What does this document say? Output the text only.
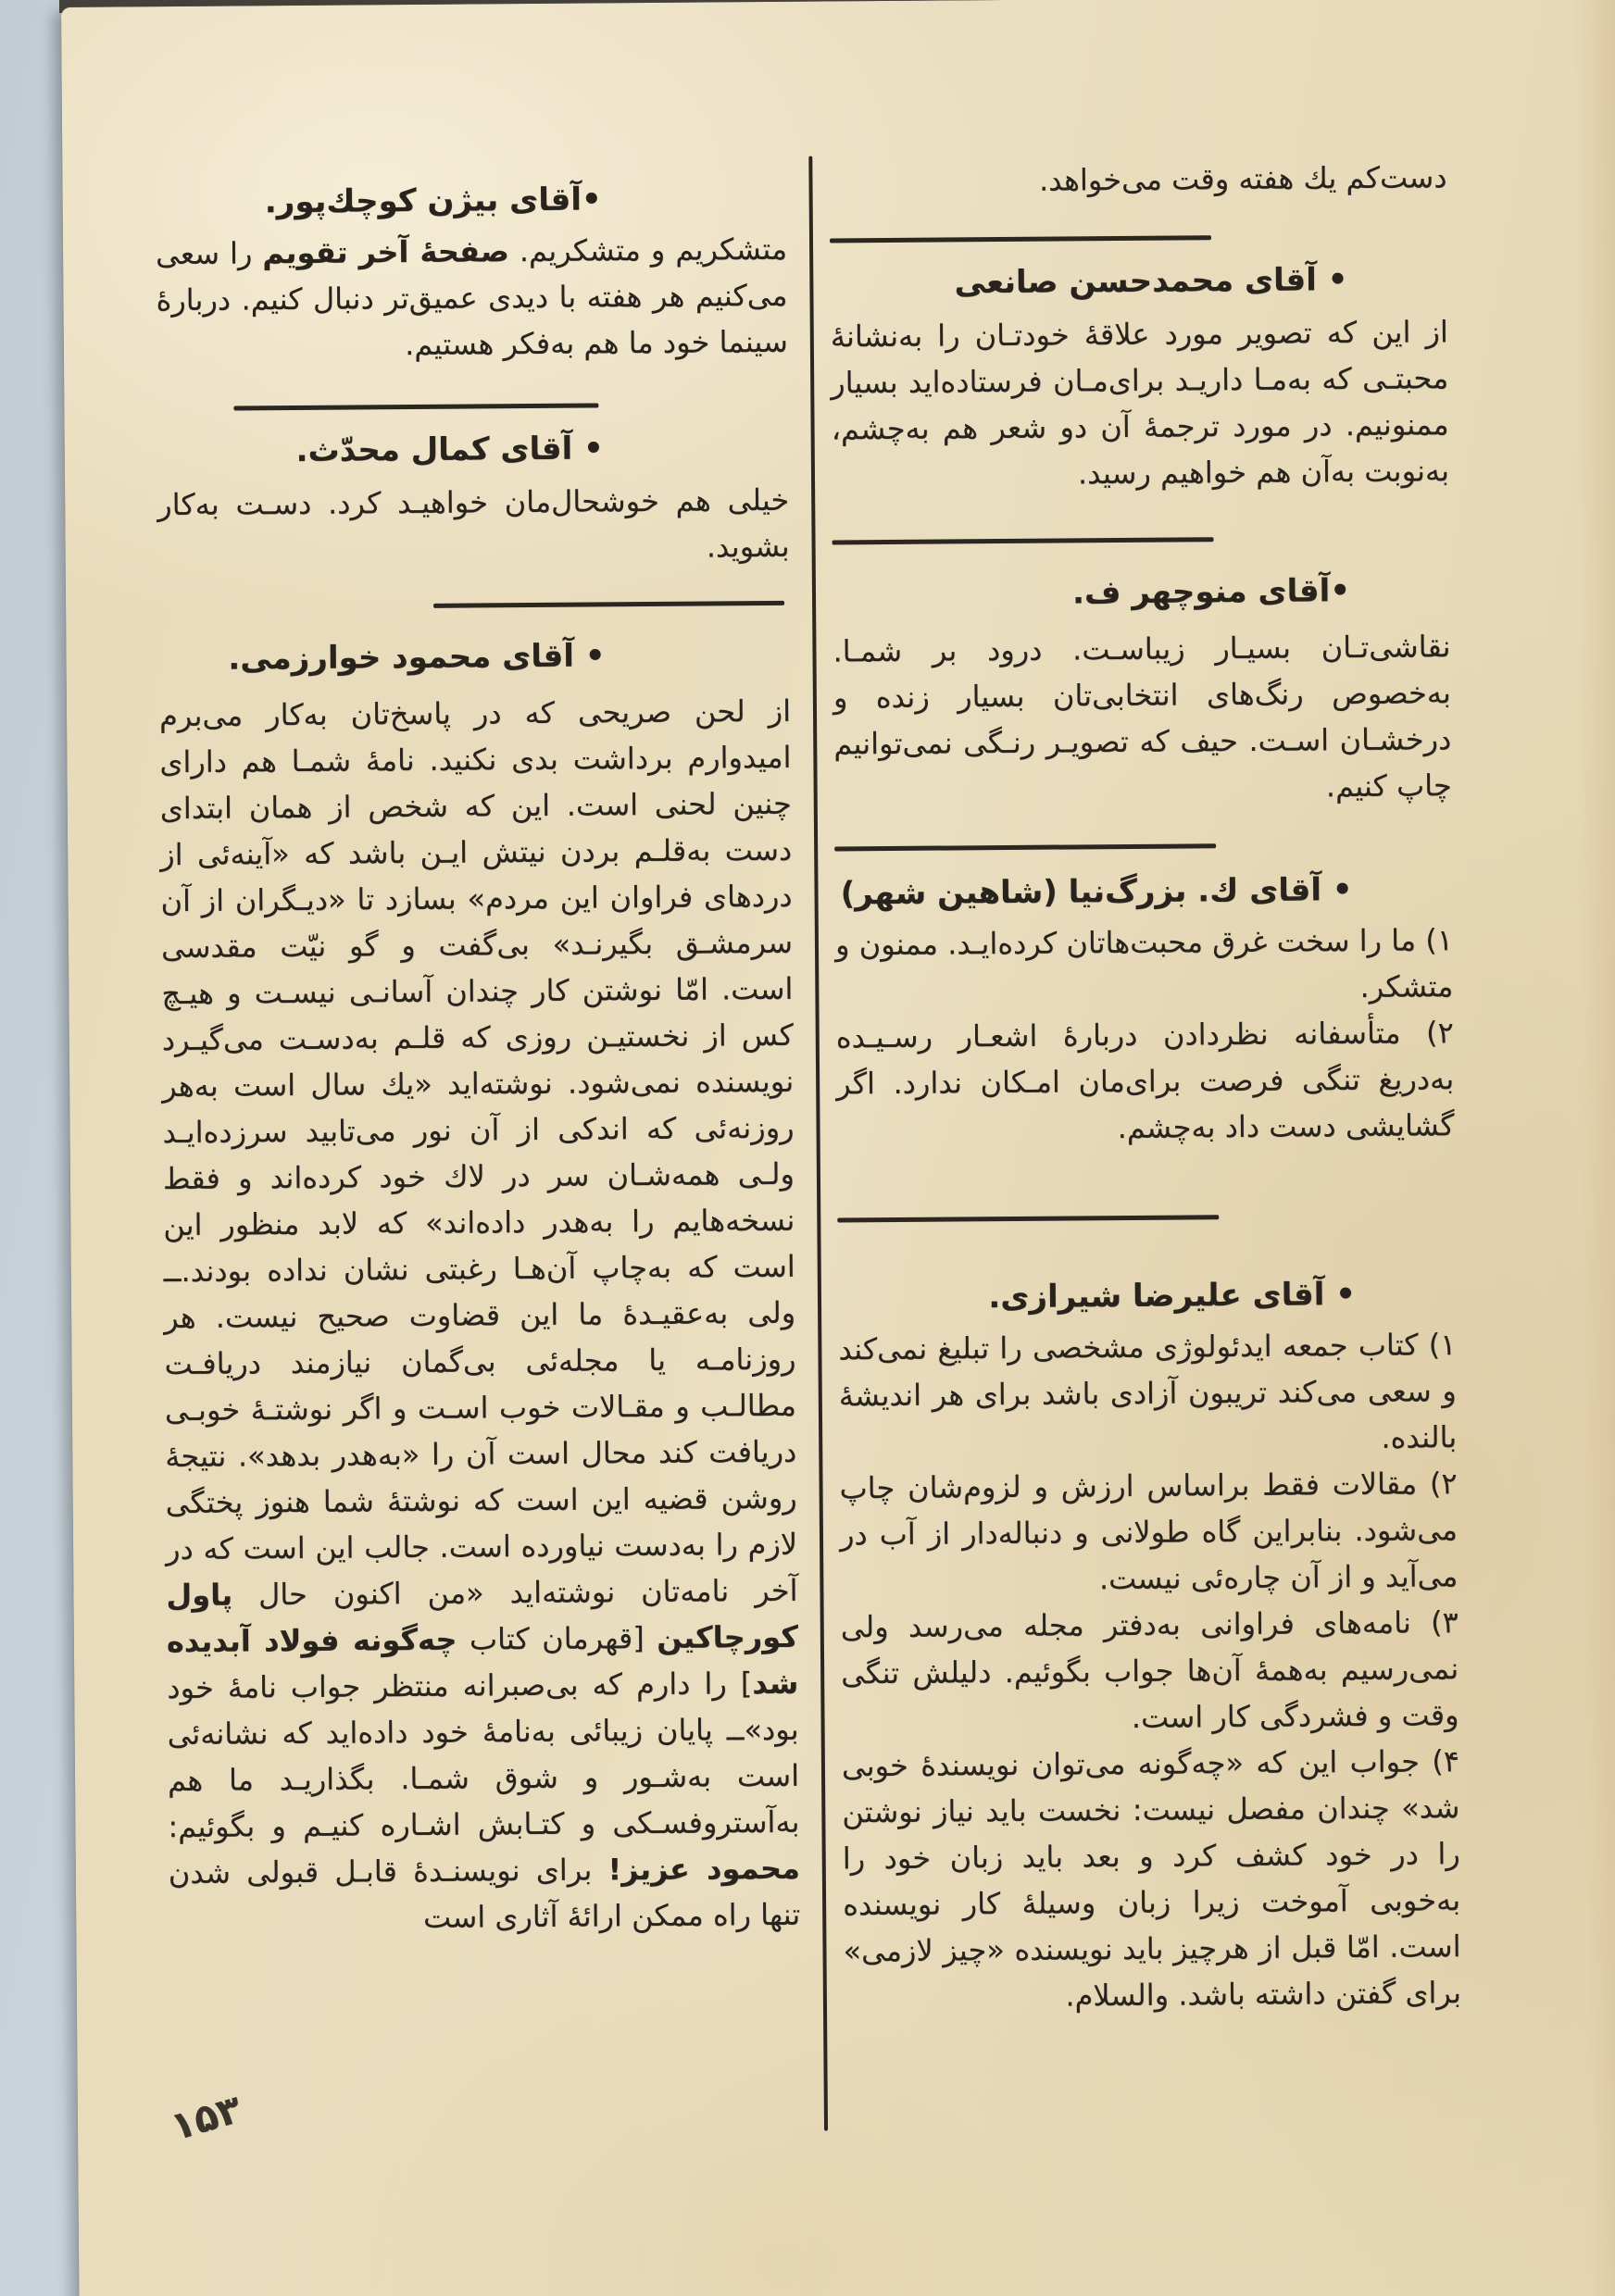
دست‌کم يك هفته وقت می‌خواهد.

• آقای محمدحسن صانعی

از این که تصویر مورد علاقهٔ خودتـان را به‌نشانهٔ محبتـی که به‌مـا داریـد برای‌مـان فرستاده‌اید بسیار ممنونیم. در مورد ترجمهٔ آن دو شعر هم به‌چشم، به‌نوبت به‌آن هم خواهیم رسید.

•آقای منوچهر ف.

نقاشی‌تـان بسیـار زیباسـت. درود بر شمـا. به‌خصوص رنگ‌های انتخابی‌تان بسیار زنده و درخشـان اسـت. حیف که تصویـر رنـگی نمی‌توانیم چاپ کنیم.

• آقای ك. بزرگ‌نیا (شاهین شهر)

۱) ما را سخت غرق محبت‌هاتان کرده‌ایـد. ممنون و متشکر.

۲) متأسفانه نظردادن دربارهٔ اشعـار رسـیـده به‌دریغ تنگی فرصت برای‌مان امـکان ندارد. اگر گشایشی دست داد به‌چشم.

• آقای علیرضا شیرازی.

۱) کتاب جمعه ایدئولوژی مشخصی را تبلیغ نمی‌کند و سعی می‌کند تریبون آزادی باشد برای هر اندیشهٔ بالنده.

۲) مقالات فقط براساس ارزش و لزوم‌شان چاپ می‌شود. بنابراین گاه طولانی و دنباله‌دار از آب در می‌آید و از آن چاره‌ئی نیست.

۳) نامه‌های فراوانی به‌دفتر مجله می‌رسد ولی نمی‌رسیم به‌همهٔ آن‌ها جواب بگوئیم. دلیلش تنگی وقت و فشردگی کار است.

۴) جواب این که «چه‌گونه می‌توان نویسندهٔ خوبی شد» چندان مفصل نیست: نخست باید نیاز نوشتن را در خود کشف کرد و بعد باید زبان خود را به‌خوبی آموخت زیرا زبان وسیلهٔ کار نویسنده است. امّا قبل از هرچیز باید نویسنده «چیز لازمی» برای گفتن داشته باشد. والسلام.

•آقای بیژن کوچك‌پور.

متشکریم و متشکریم. صفحهٔ آخر تقویم را سعی می‌کنیم هر هفته با دیدی عمیق‌تر دنبال کنیم. دربارهٔ سینما خود ما هم به‌فکر هستیم.

• آقای کمال محدّث.

خیلی هم خوشحال‌مان خواهیـد کرد. دسـت به‌کار بشوید.

• آقای محمود خوارزمی.

از لحن صریحی که در پاسخ‌تان به‌کار می‌برم امیدوارم برداشت بدی نکنید. نامهٔ شمـا هم دارای چنین لحنی است. این که شخص از همان ابتدای دست به‌قلـم بردن نیتش ایـن باشد که «آینه‌ئی از دردهای فراوان این مردم» بسازد تا «دیـگران از آن سرمشـق بگیرنـد» بی‌گفت و گو نیّت مقدسی است. امّا نوشتن کار چندان آسانـی نیسـت و هیـچ کس از نخستیـن روزی که قلـم به‌دسـت می‌گیـرد نویسنده نمی‌شود. نوشته‌اید «یك سال است به‌هر روزنه‌ئی که اندکی از آن نور می‌تابید سرزده‌ایـد ولـی همه‌شـان سر در لاك خود کرده‌اند و فقط نسخه‌هایم را به‌هدر داده‌اند» که لابد منظور این است که به‌چاپ آن‌هـا رغبتی نشان نداده بودند.ــ ولی به‌عقیـدهٔ ما این قضاوت صحیح نیست. هر روزنامـه یا مجله‌ئی بی‌گمان نیازمند دریافـت مطالـب و مقـالات خوب اسـت و اگر نوشتـهٔ خوبـی دریافت کند محال است آن را «به‌هدر بدهد». نتیجهٔ روشن قضیه این است که نوشتهٔ شما هنوز پختگی لازم را به‌دست نیاورده است. جالب این است که در آخر نامه‌تان نوشته‌اید «من اکنون حال پاول کورچاکین [قهرمان کتاب چه‌گونه فولاد آبدیده شد] را دارم که بی‌صبرانه منتظر جواب نامهٔ خود بود»ــ پایان زیبائی به‌نامهٔ خود داده‌اید که نشانه‌ئی است به‌شـور و شوق شمـا. بگذاریـد ما هم به‌آستروفسـکی و کتـابش اشـاره کنیـم و بگوئیم: محمود عزیز! برای نویسنـدهٔ قابـل قبولی شدن تنها راه ممکن ارائهٔ آثاری است

۱۵۳
